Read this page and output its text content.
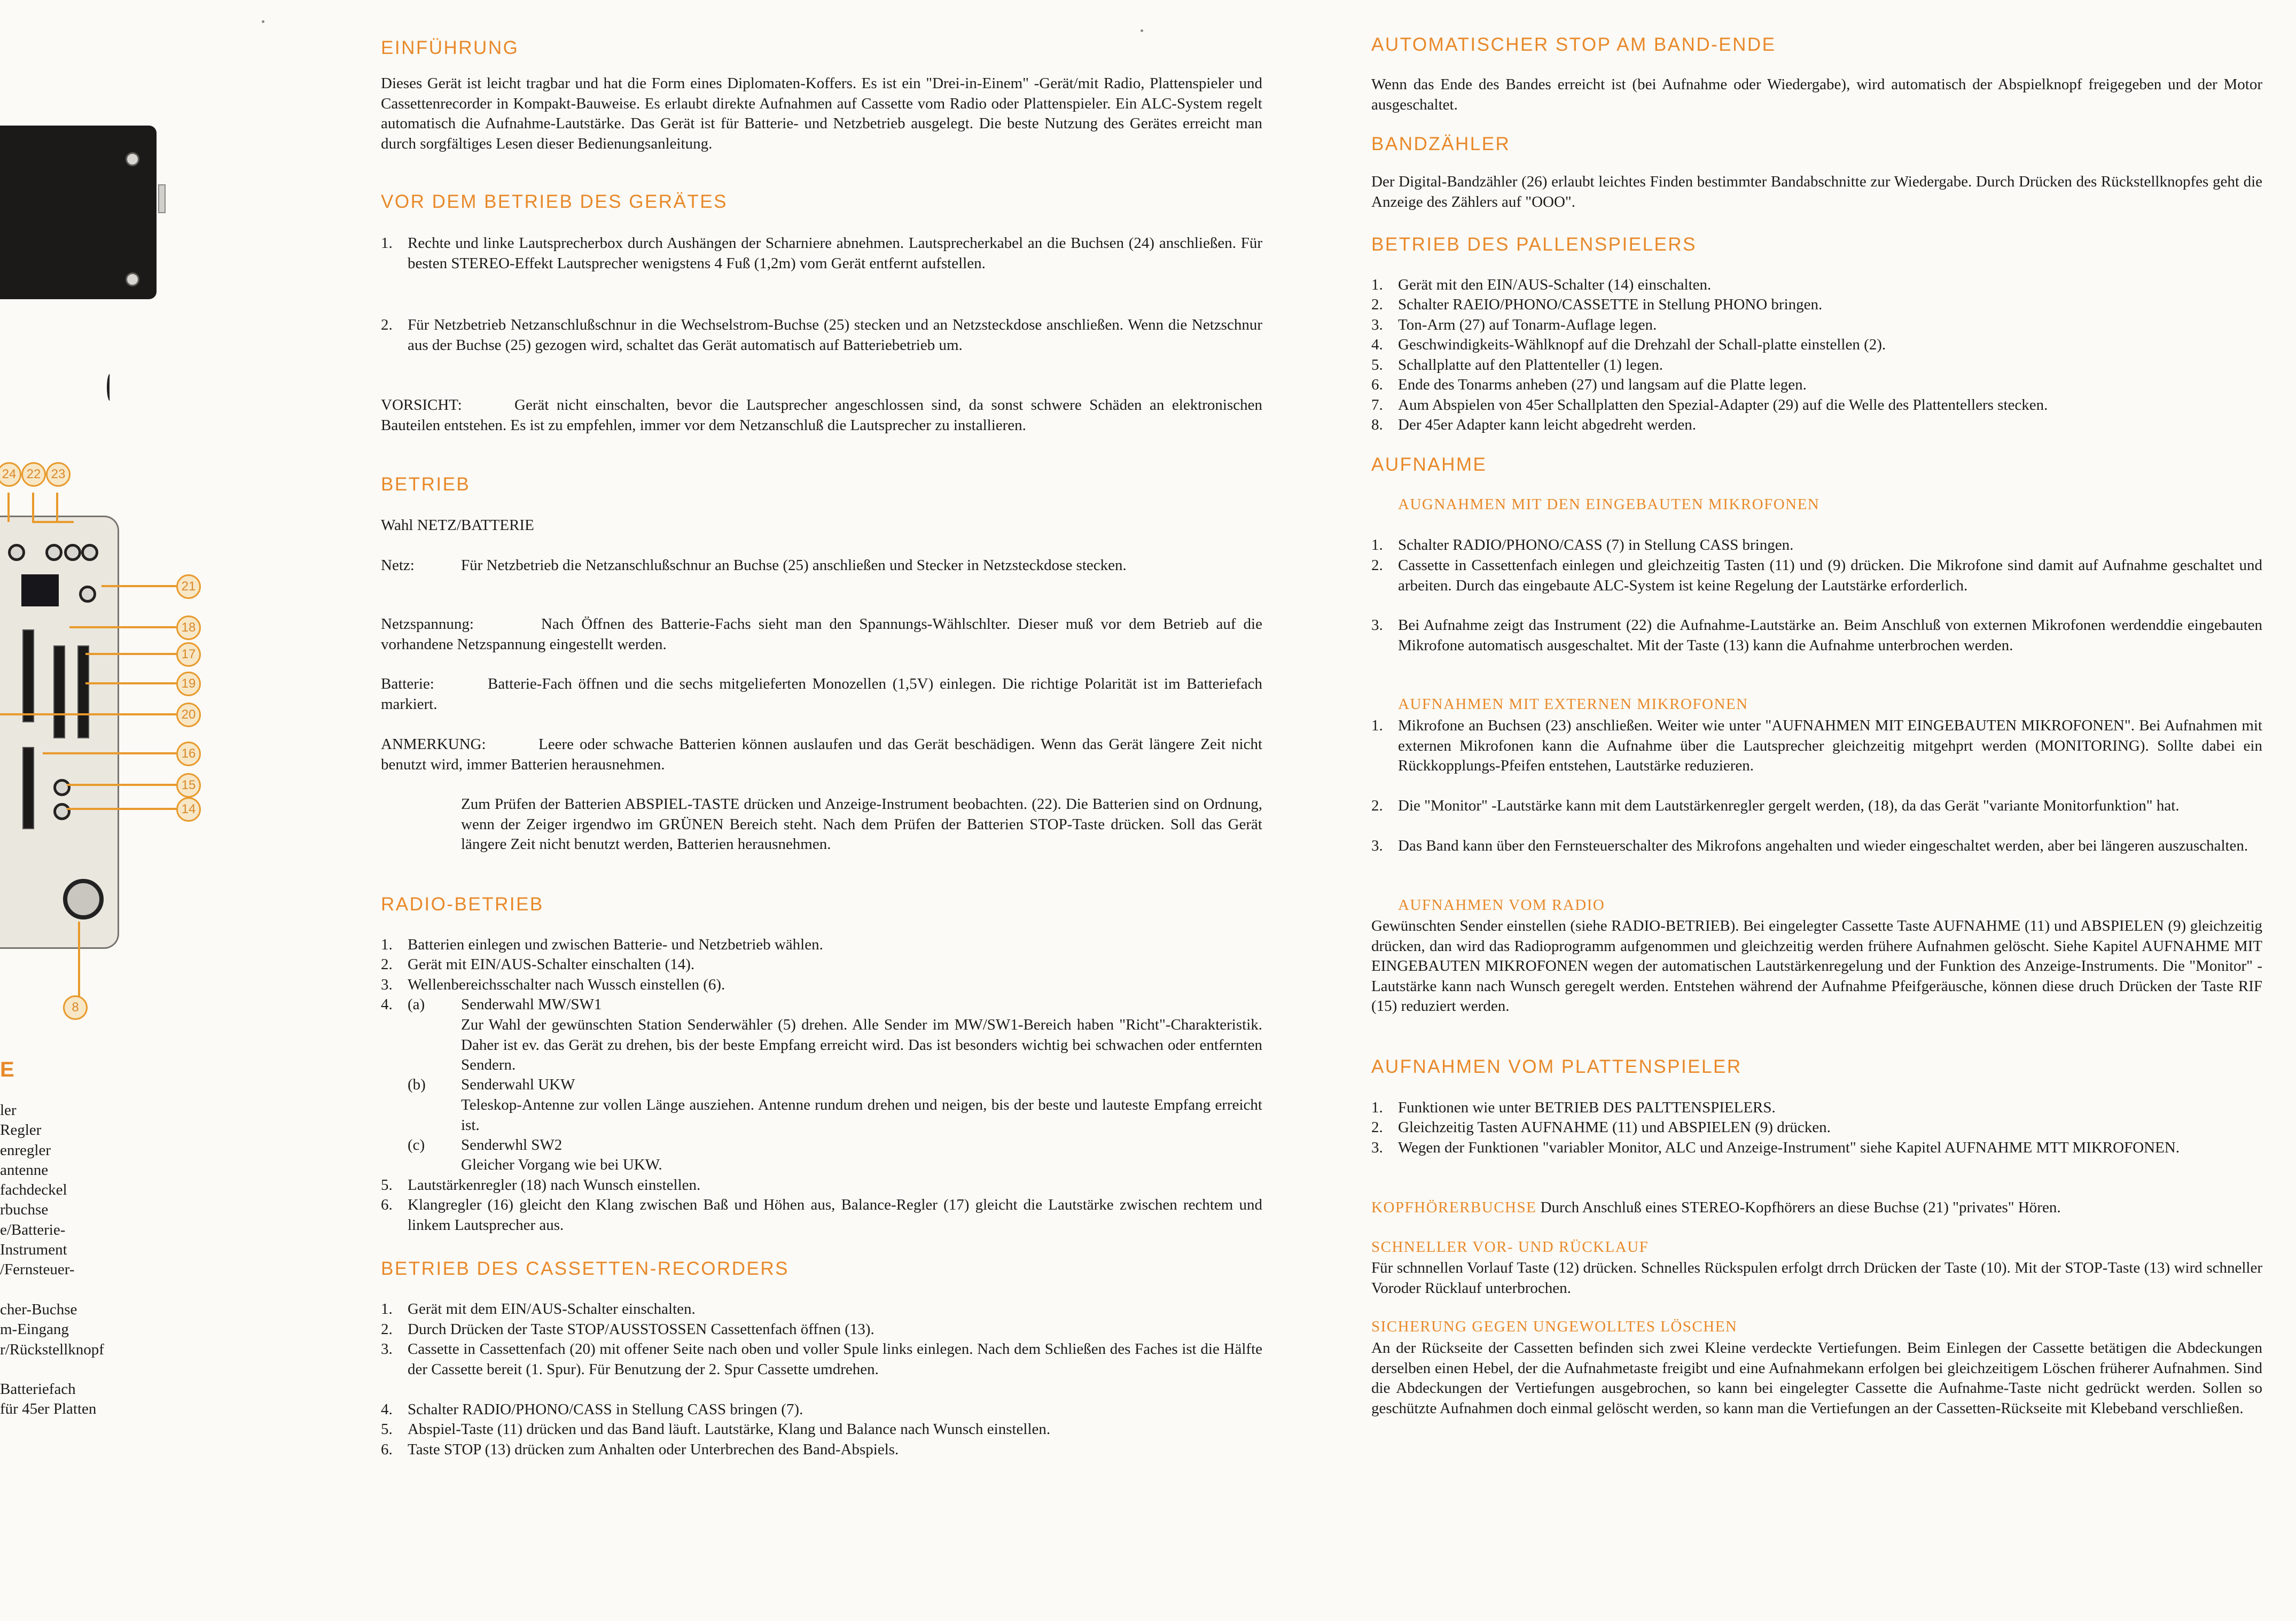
24 22 23
21
18
17
19
20
16
15
14
8
E
ler
Regler
enregler
antenne
fachdeckel
rbuchse
e/Batterie-
Instrument
/Fernsteuer-
cher-Buchse
m-Eingang
r/Rückstellknopf
Batteriefach
für 45er Platten
EINFÜHRUNG
Dieses Gerät ist leicht tragbar und hat die Form eines Diplomaten-Koffers. Es ist ein "Drei-in-Einem" -Gerät/mit Radio, Plattenspieler und Cassettenrecorder in Kompakt-Bauweise. Es erlaubt direkte Aufnahmen auf Cassette vom Radio oder Plattenspieler. Ein ALC-System regelt automatisch die Aufnahme-Lautstärke. Das Gerät ist für Batterie- und Netzbetrieb ausgelegt. Die beste Nutzung des Gerätes erreicht man durch sorgfältiges Lesen dieser Bedienungsanleitung.
VOR DEM BETRIEB DES GERÄTES
1. Rechte und linke Lautsprecherbox durch Aushängen der Scharniere abnehmen. Lautsprecherkabel an die Buchsen (24) anschließen. Für besten STEREO-Effekt Lautsprecher wenigstens 4 Fuß (1,2m) vom Gerät entfernt aufstellen.
2. Für Netzbetrieb Netzanschlußschnur in die Wechselstrom-Buchse (25) stecken und an Netzsteckdose anschließen. Wenn die Netzschnur aus der Buchse (25) gezogen wird, schaltet das Gerät automatisch auf Batteriebetrieb um.
VORSICHT:	Gerät nicht einschalten, bevor die Lautsprecher angeschlossen sind, da sonst schwere Schäden an elektronischen Bauteilen entstehen. Es ist zu empfehlen, immer vor dem Netzanschluß die Lautsprecher zu installieren.
BETRIEB
Wahl NETZ/BATTERIE
Netz:	Für Netzbetrieb die Netzanschlußschnur an Buchse (25) anschließen und Stecker in Netzsteckdose stecken.
Netzspannung:	Nach Öffnen des Batterie-Fachs sieht man den Spannungs-Wählschlter. Dieser muß vor dem Betrieb auf die vorhandene Netzspannung eingestellt werden.
Batterie:	Batterie-Fach öffnen und die sechs mitgelieferten Monozellen (1,5V) einlegen. Die richtige Polarität ist im Batteriefach markiert.
ANMERKUNG:	Leere oder schwache Batterien können auslaufen und das Gerät beschädigen. Wenn das Gerät längere Zeit nicht benutzt wird, immer Batterien herausnehmen.
Zum Prüfen der Batterien ABSPIEL-TASTE drücken und Anzeige-Instrument beobachten. (22). Die Batterien sind on Ordnung, wenn der Zeiger irgendwo im GRÜNEN Bereich steht. Nach dem Prüfen der Batterien STOP-Taste drücken. Soll das Gerät längere Zeit nicht benutzt werden, Batterien herausnehmen.
RADIO-BETRIEB
1. Batterien einlegen und zwischen Batterie- und Netzbetrieb wählen.
2. Gerät mit EIN/AUS-Schalter einschalten (14).
3. Wellenbereichsschalter nach Wussch einstellen (6).
4. (a)	Senderwahl MW/SW1
Zur Wahl der gewünschten Station Senderwähler (5) drehen. Alle Sender im MW/SW1-Bereich haben "Richt"-Charakteristik. Daher ist ev. das Gerät zu drehen, bis der beste Empfang erreicht wird. Das ist besonders wichtig bei schwachen oder entfernten Sendern.
(b) Senderwahl UKW
Teleskop-Antenne zur vollen Länge ausziehen. Antenne rundum drehen und neigen, bis der beste und lauteste Empfang erreicht ist.
(c) Senderwhl SW2
Gleicher Vorgang wie bei UKW.
5. Lautstärkenregler (18) nach Wunsch einstellen.
6. Klangregler (16) gleicht den Klang zwischen Baß und Höhen aus, Balance-Regler (17) gleicht die Lautstärke zwischen rechtem und linkem Lautsprecher aus.
BETRIEB DES CASSETTEN-RECORDERS
1. Gerät mit dem EIN/AUS-Schalter einschalten.
2. Durch Drücken der Taste STOP/AUSSTOSSEN Cassettenfach öffnen (13).
3. Cassette in Cassettenfach (20) mit offener Seite nach oben und voller Spule links einlegen. Nach dem Schließen des Faches ist die Hälfte der Cassette bereit (1. Spur). Für Benutzung der 2. Spur Cassette umdrehen.
4. Schalter RADIO/PHONO/CASS in Stellung CASS bringen (7).
5. Abspiel-Taste (11) drücken und das Band läuft. Lautstärke, Klang und Balance nach Wunsch einstellen.
6. Taste STOP (13) drücken zum Anhalten oder Unterbrechen des Band-Abspiels.
AUTOMATISCHER STOP AM BAND-ENDE
Wenn das Ende des Bandes erreicht ist (bei Aufnahme oder Wiedergabe), wird automatisch der Abspielknopf freigegeben und der Motor ausgeschaltet.
BANDZÄHLER
Der Digital-Bandzähler (26) erlaubt leichtes Finden bestimmter Bandabschnitte zur Wiedergabe. Durch Drücken des Rückstellknopfes geht die Anzeige des Zählers auf "OOO".
BETRIEB DES PALLENSPIELERS
1. Gerät mit den EIN/AUS-Schalter (14) einschalten.
2. Schalter RAEIO/PHONO/CASSETTE in Stellung PHONO bringen.
3. Ton-Arm (27) auf Tonarm-Auflage legen.
4. Geschwindigkeits-Wählknopf auf die Drehzahl der Schall-platte einstellen (2).
5. Schallplatte auf den Plattenteller (1) legen.
6. Ende des Tonarms anheben (27) und langsam auf die Platte legen.
7. Aum Abspielen von 45er Schallplatten den Spezial-Adapter (29) auf die Welle des Plattentellers stecken.
8. Der 45er Adapter kann leicht abgedreht werden.
AUFNAHME
AUGNAHMEN MIT DEN EINGEBAUTEN MIKROFONEN
1. Schalter RADIO/PHONO/CASS (7) in Stellung CASS bringen.
2. Cassette in Cassettenfach einlegen und gleichzeitig Tasten (11) und (9) drücken. Die Mikrofone sind damit auf Aufnahme geschaltet und arbeiten. Durch das eingebaute ALC-System ist keine Regelung der Lautstärke erforderlich.
3. Bei Aufnahme zeigt das Instrument (22) die Aufnahme-Lautstärke an. Beim Anschluß von externen Mikrofonen werdenddie eingebauten Mikrofone automatisch ausgeschaltet. Mit der Taste (13) kann die Aufnahme unterbrochen werden.
AUFNAHMEN MIT EXTERNEN MIKROFONEN
1. Mikrofone an Buchsen (23) anschließen. Weiter wie unter "AUFNAHMEN MIT EINGEBAUTEN MIKROFONEN". Bei Aufnahmen mit externen Mikrofonen kann die Aufnahme über die Lautsprecher gleichzeitig mitgehprt werden (MONITORING). Sollte dabei ein Rückkopplungs-Pfeifen entstehen, Lautstärke reduzieren.
2. Die "Monitor" -Lautstärke kann mit dem Lautstärkenregler gergelt werden, (18), da das Gerät "variante Monitorfunktion" hat.
3. Das Band kann über den Fernsteuerschalter des Mikrofons angehalten und wieder eingeschaltet werden, aber bei längeren auszuschalten.
AUFNAHMEN VOM RADIO
Gewünschten Sender einstellen (siehe RADIO-BETRIEB). Bei eingelegter Cassette Taste AUFNAHME (11) und ABSPIELEN (9) gleichzeitig drücken, dan wird das Radioprogramm aufgenommen und gleichzeitig werden frühere Aufnahmen gelöscht. Siehe Kapitel AUFNAHME MIT EINGEBAUTEN MIKROFONEN wegen der automatischen Lautstärkenregelung und der Funktion des Anzeige-Instruments. Die "Monitor" -Lautstärke kann nach Wunsch geregelt werden. Entstehen während der Aufnahme Pfeifgeräusche, können diese druch Drücken der Taste RIF (15) reduziert werden.
AUFNAHMEN VOM PLATTENSPIELER
1. Funktionen wie unter BETRIEB DES PALTTENSPIELERS.
2. Gleichzeitig Tasten AUFNAHME (11) und ABSPIELEN (9) drücken.
3. Wegen der Funktionen "variabler Monitor, ALC und Anzeige-Instrument" siehe Kapitel AUFNAHME MTT MIKROFONEN.
KOPFHÖRERBUCHSE Durch Anschluß eines STEREO-Kopfhörers an diese Buchse (21) "privates" Hören.
SCHNELLER VOR- UND RÜCKLAUF
Für schnnellen Vorlauf Taste (12) drücken. Schnelles Rückspulen erfolgt drrch Drücken der Taste (10). Mit der STOP-Taste (13) wird schneller Voroder Rücklauf unterbrochen.
SICHERUNG GEGEN UNGEWOLLTES LÖSCHEN
An der Rückseite der Cassetten befinden sich zwei Kleine verdeckte Vertiefungen. Beim Einlegen der Cassette betätigen die Abdeckungen derselben einen Hebel, der die Aufnahmetaste freigibt und eine Aufnahmekann erfolgen bei gleichzeitigem Löschen früherer Aufnahmen. Sind die Abdeckungen der Vertiefungen ausgebrochen, so kann bei eingelegter Cassette die Aufnahme-Taste nicht gedrückt werden. Sollen so geschützte Aufnahmen doch einmal gelöscht werden, so kann man die Vertiefungen an der Cassetten-Rückseite mit Klebeband verschließen.
